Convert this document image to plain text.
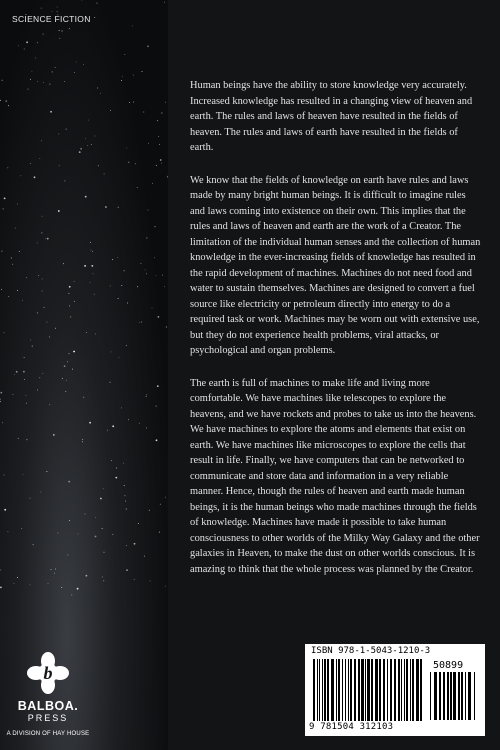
SCIENCE FICTION

Human beings have the ability to store knowledge very accurately. Increased knowledge has resulted in a changing view of heaven and earth. The rules and laws of heaven have resulted in the fields of heaven. The rules and laws of earth have resulted in the fields of earth.

We know that the fields of knowledge on earth have rules and laws made by many bright human beings. It is difficult to imagine rules and laws coming into existence on their own. This implies that the rules and laws of heaven and earth are the work of a Creator. The limitation of the individual human senses and the collection of human knowledge in the ever-increasing fields of knowledge has resulted in the rapid development of machines. Machines do not need food and water to sustain themselves. Machines are designed to convert a fuel source like electricity or petroleum directly into energy to do a required task or work. Machines may be worn out with extensive use, but they do not experience health problems, viral attacks, or psychological and organ problems.

The earth is full of machines to make life and living more comfortable. We have machines like telescopes to explore the heavens, and we have rockets and probes to take us into the heavens. We have machines to explore the atoms and elements that exist on earth. We have machines like microscopes to explore the cells that result in life. Finally, we have computers that can be networked to communicate and store data and information in a very reliable manner. Hence, though the rules of heaven and earth made human beings, it is the human beings who made machines through the fields of knowledge. Machines have made it possible to take human consciousness to other worlds of the Milky Way Galaxy and the other galaxies in Heaven, to make the dust on other worlds conscious. It is amazing to think that the whole process was planned by the Creator.

b
BALBOA.
PRESS
A DIVISION OF HAY HOUSE
ISBN 978-1-5043-1210-3
50899
9 781504 312103
